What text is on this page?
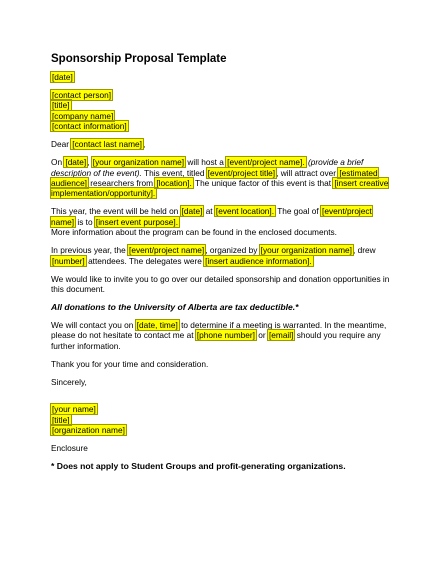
Sponsorship Proposal Template

[date]

[contact person]
[title]
[company name]
[contact information]

Dear [contact last name],

On [date], [your organization name] will host a [event/project name]. (provide a brief description of the event). This event, titled [event/project title], will attract over [estimated audience] researchers from [location]. The unique factor of this event is that [insert creative implementation/opportunity].

This year, the event will be held on [date] at [event location]. The goal of [event/project name] is to [insert event purpose].
More information about the program can be found in the enclosed documents.

In previous year, the [event/project name], organized by [your organization name], drew [number] attendees. The delegates were [insert audience information].

We would like to invite you to go over our detailed sponsorship and donation opportunities in this document.

All donations to the University of Alberta are tax deductible.*

We will contact you on [date, time] to determine if a meeting is warranted. In the meantime, please do not hesitate to contact me at [phone number] or [email] should you require any further information.

Thank you for your time and consideration.

Sincerely,

[your name]
[title]
[organization name]

Enclosure

* Does not apply to Student Groups and profit-generating organizations.
